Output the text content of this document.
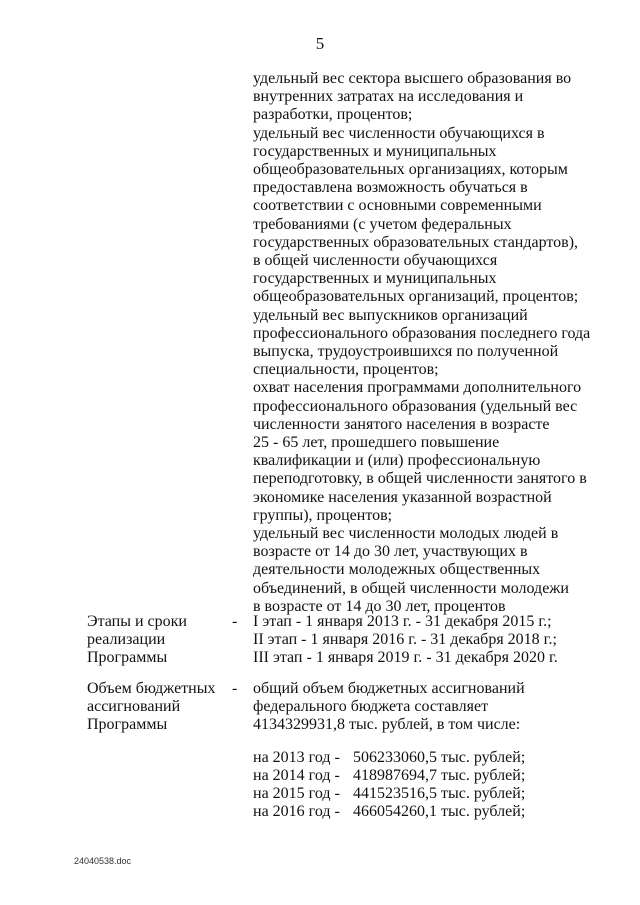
5
удельный вес сектора высшего образования во
внутренних затратах на исследования и
разработки, процентов;
удельный вес численности обучающихся в
государственных и муниципальных
общеобразовательных организациях, которым
предоставлена возможность обучаться в
соответствии с основными современными
требованиями (с учетом федеральных
государственных образовательных стандартов),
в общей численности обучающихся
государственных и муниципальных
общеобразовательных организаций, процентов;
удельный вес выпускников организаций
профессионального образования последнего года
выпуска, трудоустроившихся по полученной
специальности, процентов;
охват населения программами дополнительного
профессионального образования (удельный вес
численности занятого населения в возрасте
25 - 65 лет, прошедшего повышение
квалификации и (или) профессиональную
переподготовку, в общей численности занятого в
экономике населения указанной возрастной
группы), процентов;
удельный вес численности молодых людей в
возрасте от 14 до 30 лет, участвующих в
деятельности молодежных общественных
объединений, в общей численности молодежи
в возрасте от 14 до 30 лет, процентов
Этапы и сроки
реализации
Программы
- I этап - 1 января 2013 г. - 31 декабря 2015 г.;
II этап - 1 января 2016 г. - 31 декабря 2018 г.;
III этап - 1 января 2019 г. - 31 декабря 2020 г.
Объем бюджетных
ассигнований
Программы
- общий объем бюджетных ассигнований
федерального бюджета составляет
4134329931,8 тыс. рублей, в том числе:
на 2013 год - 506233060,5 тыс. рублей;
на 2014 год - 418987694,7 тыс. рублей;
на 2015 год - 441523516,5 тыс. рублей;
на 2016 год - 466054260,1 тыс. рублей;
24040538.doc
